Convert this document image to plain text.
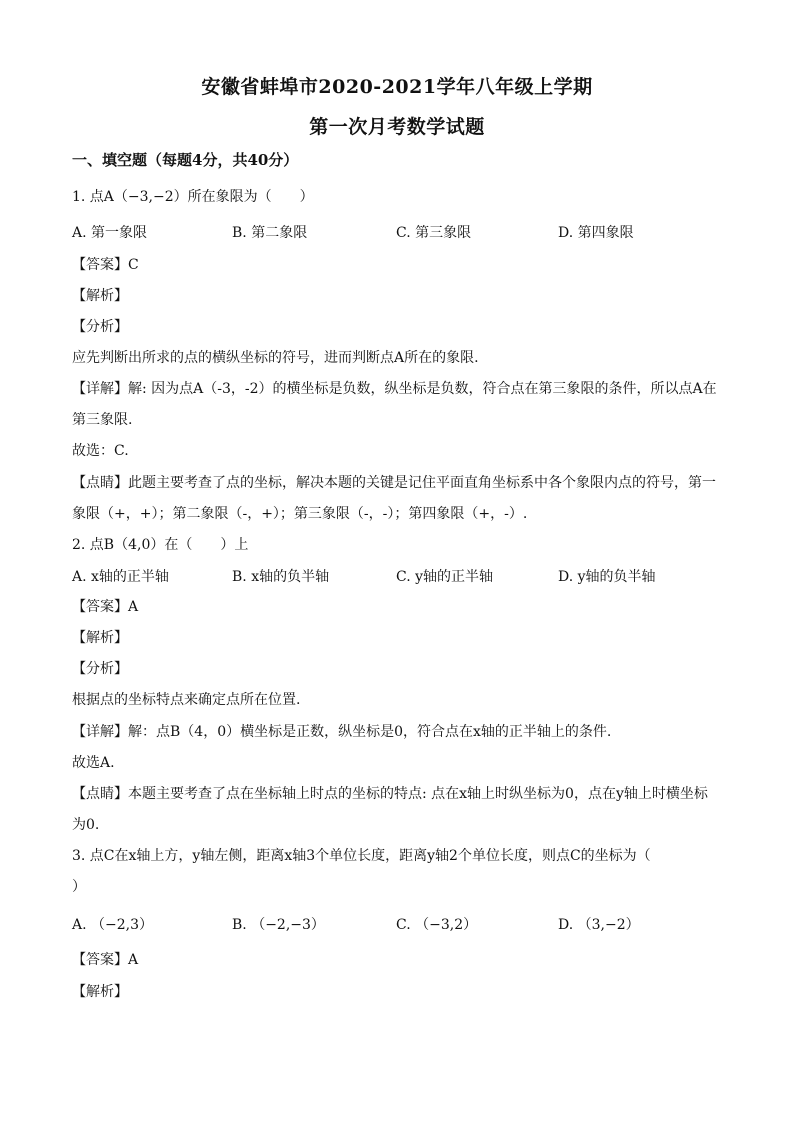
安徽省蚌埠市2020-2021学年八年级上学期
第一次月考数学试题
一、填空题（每题4分，共40分）
1. 点A（−3,−2）所在象限为（　　）
A. 第一象限	B. 第二象限	C. 第三象限	D. 第四象限
【答案】C
【解析】
【分析】
应先判断出所求的点的横纵坐标的符号，进而判断点A所在的象限.
【详解】解: 因为点A（-3，-2）的横坐标是负数，纵坐标是负数，符合点在第三象限的条件，所以点A在
第三象限.
故选：C.
【点睛】此题主要考查了点的坐标，解决本题的关键是记住平面直角坐标系中各个象限内点的符号，第一
象限（+，+）；第二象限（-，+）；第三象限（-，-）；第四象限（+，-）.
2. 点B（4,0）在（　　）上
A. x轴的正半轴	B. x轴的负半轴	C. y轴的正半轴	D. y轴的负半轴
【答案】A
【解析】
【分析】
根据点的坐标特点来确定点所在位置.
【详解】解：点B（4，0）横坐标是正数，纵坐标是0，符合点在x轴的正半轴上的条件.
故选A.
【点睛】本题主要考查了点在坐标轴上时点的坐标的特点: 点在x轴上时纵坐标为0，点在y轴上时横坐标
为0.
3. 点C在x轴上方，y轴左侧，距离x轴3个单位长度，距离y轴2个单位长度，则点C的坐标为（
）
A. （−2,3）	B. （−2,−3）	C. （−3,2）	D. （3,−2）
【答案】A
【解析】
